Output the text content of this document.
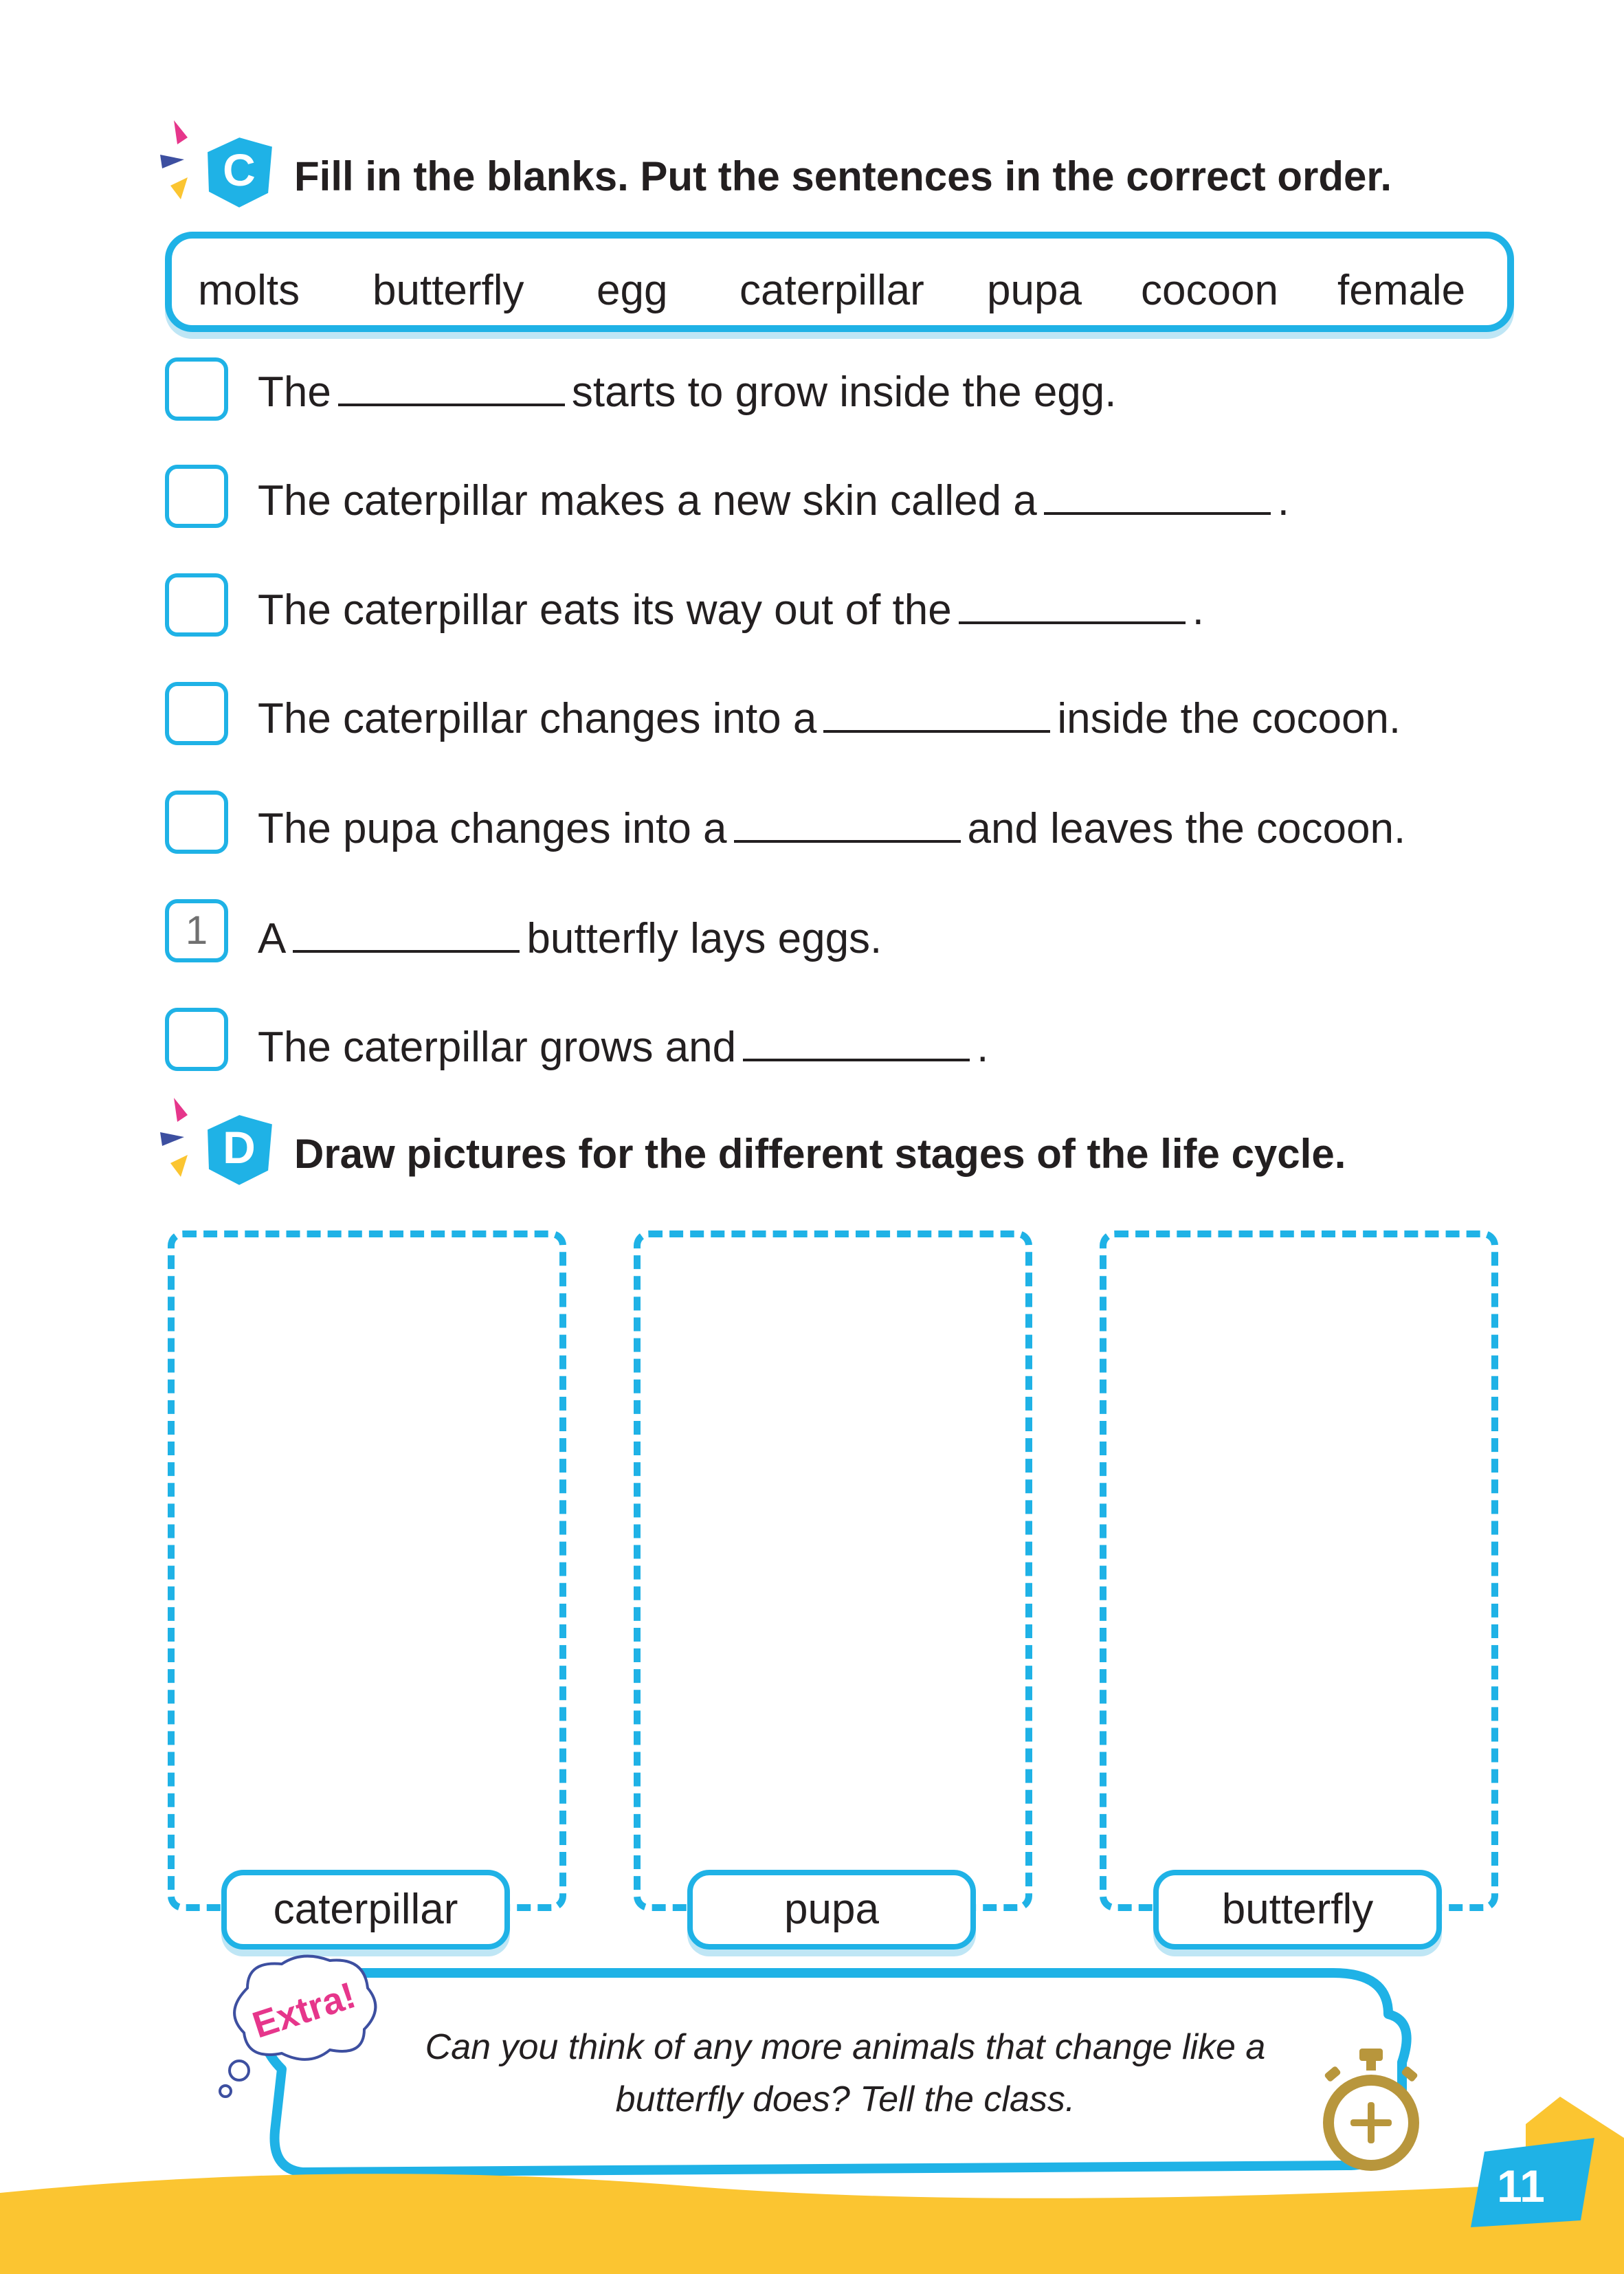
C Fill in the blanks. Put the sentences in the correct order.
molts butterfly egg caterpillar pupa cocoon female
The	starts to grow inside the egg.
The caterpillar makes a new skin called a	.
The caterpillar eats its way out of the	.
The caterpillar changes into a	inside the cocoon.
The pupa changes into a	and leaves the cocoon.
1	A	butterfly lays eggs.
The caterpillar grows and	.
D Draw pictures for the different stages of the life cycle.
caterpillar	pupa	butterfly
Extra!
Can you think of any more animals that change like a
butterfly does? Tell the class.
11
